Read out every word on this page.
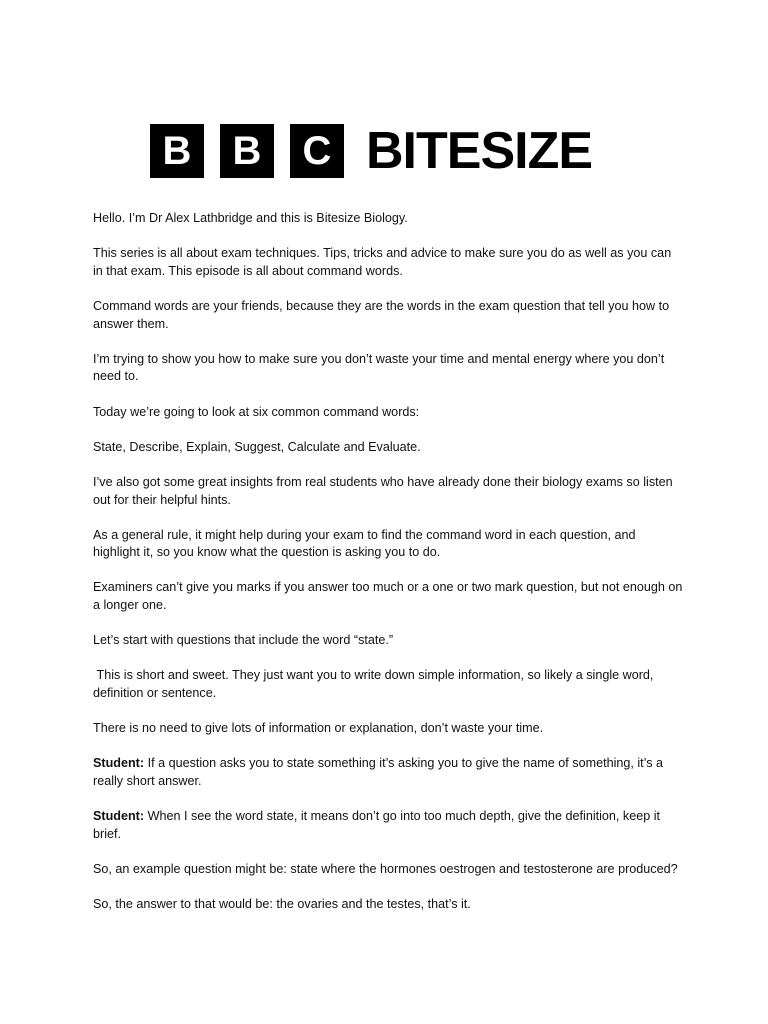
B	B	C BITESIZE

Hello. I’m Dr Alex Lathbridge and this is Bitesize Biology.

This series is all about exam techniques. Tips, tricks and advice to make sure you do as well as you can in that exam. This episode is all about command words.

Command words are your friends, because they are the words in the exam question that tell you how to answer them.

I’m trying to show you how to make sure you don’t waste your time and mental energy where you don’t need to.

Today we’re going to look at six common command words:

State, Describe, Explain, Suggest, Calculate and Evaluate.

I’ve also got some great insights from real students who have already done their biology exams so listen out for their helpful hints.

As a general rule, it might help during your exam to find the command word in each question, and highlight it, so you know what the question is asking you to do.

Examiners can’t give you marks if you answer too much or a one or two mark question, but not enough on a longer one.

Let’s start with questions that include the word “state.”

This is short and sweet. They just want you to write down simple information, so likely a single word, definition or sentence.

There is no need to give lots of information or explanation, don’t waste your time.

Student: If a question asks you to state something it’s asking you to give the name of something, it’s a really short answer.

Student: When I see the word state, it means don’t go into too much depth, give the definition, keep it brief.

So, an example question might be: state where the hormones oestrogen and testosterone are produced?

So, the answer to that would be: the ovaries and the testes, that’s it.
